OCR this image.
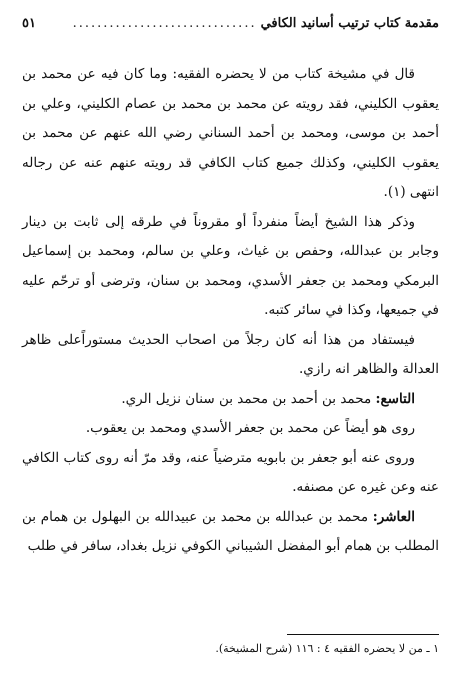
مقدمة كتاب ترتيب أسانيد الكافي
..............................
٥١

قال في مشيخة كتاب من لا يحضره الفقيه: وما كان فيه عن محمد بن يعقوب الكليني، فقد رويته عن محمد بن محمد بن عصام الكليني، وعلي بن أحمد بن موسى، ومحمد بن أحمد السناني رضي الله عنهم عن محمد بن يعقوب الكليني، وكذلك جميع كتاب الكافي قد رويته عنهم عنه عن رجاله انتهى (١).

وذكر هذا الشيخ أيضاً منفرداً أو مقروناً في طرقه إلى ثابت بن دينار وجابر بن عبدالله، وحفص بن غياث، وعلي بن سالم، ومحمد بن إسماعيل البرمكي ومحمد بن جعفر الأسدي، ومحمد بن سنان، وترضى أو ترحّم عليه في جميعها، وكذا في سائر كتبه.

فيستفاد من هذا أنه كان رجلاً من اصحاب الحديث مستوراًعلى ظاهر العدالة والظاهر انه رازي.

التاسع: محمد بن أحمد بن محمد بن سنان نزيل الري.

روى هو أيضاً عن محمد بن جعفر الأسدي ومحمد بن يعقوب.

وروى عنه أبو جعفر بن بابويه مترضياً عنه، وقد مرّ أنه روى كتاب الكافي عنه وعن غيره عن مصنفه.

العاشر: محمد بن عبدالله بن محمد بن عبيدالله بن البهلول بن همام بن المطلب بن همام أبو المفضل الشيباني الكوفي نزيل بغداد، سافر في طلب

١ ـ من لا يحضره الفقيه ٤ : ١١٦ (شرح المشيخة).
